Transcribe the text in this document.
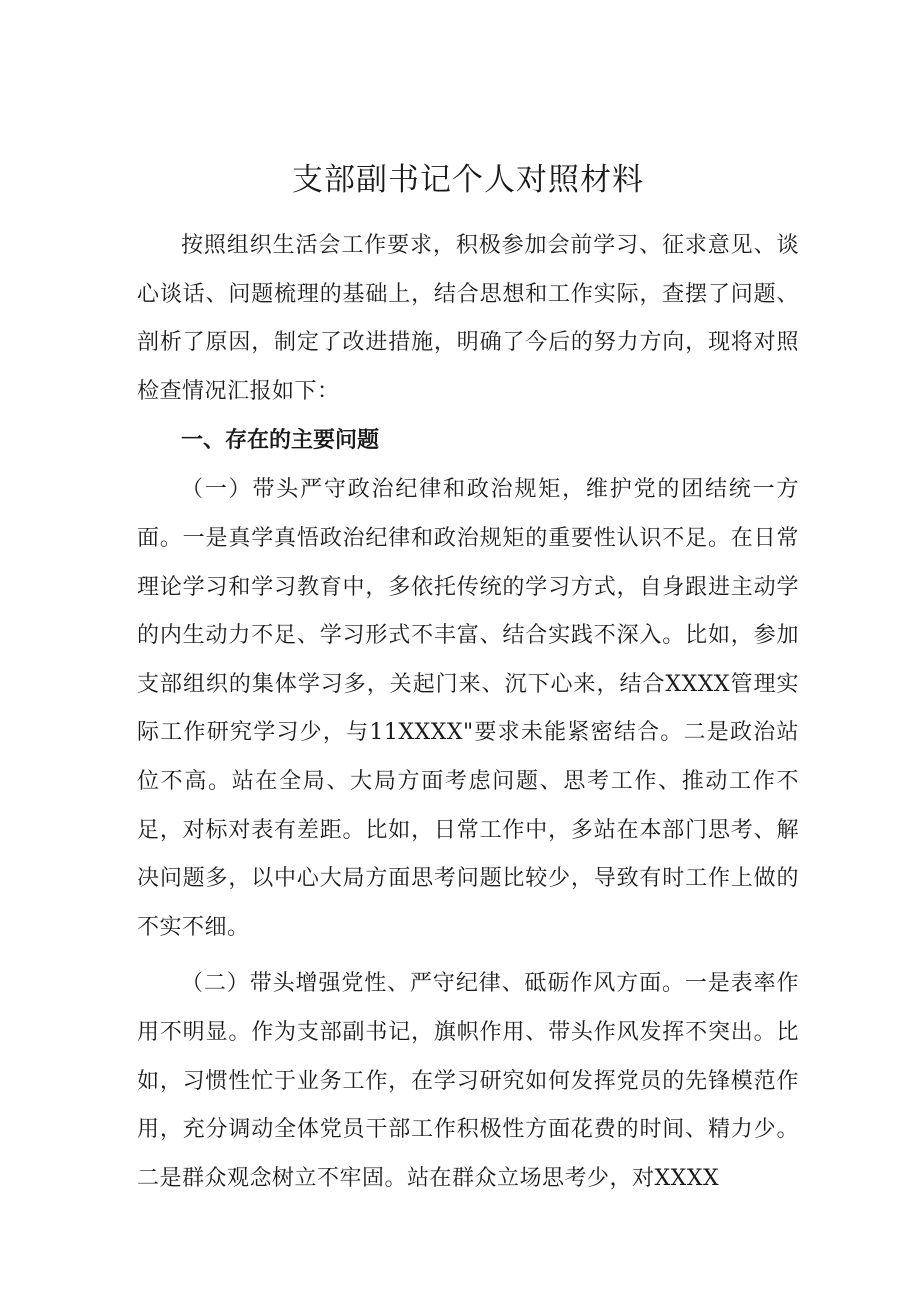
支部副书记个人对照材料

按照组织生活会工作要求，积极参加会前学习、征求意见、谈心谈话、问题梳理的基础上，结合思想和工作实际，查摆了问题、剖析了原因，制定了改进措施，明确了今后的努力方向，现将对照检查情况汇报如下：

一、存在的主要问题

（一）带头严守政治纪律和政治规矩，维护党的团结统一方面。一是真学真悟政治纪律和政治规矩的重要性认识不足。在日常理论学习和学习教育中，多依托传统的学习方式，自身跟进主动学的内生动力不足、学习形式不丰富、结合实践不深入。比如，参加支部组织的集体学习多，关起门来、沉下心来，结合XXXX管理实际工作研究学习少，与11XXXX"要求未能紧密结合。二是政治站位不高。站在全局、大局方面考虑问题、思考工作、推动工作不足，对标对表有差距。比如，日常工作中，多站在本部门思考、解决问题多，以中心大局方面思考问题比较少，导致有时工作上做的不实不细。

（二）带头增强党性、严守纪律、砥砺作风方面。一是表率作用不明显。作为支部副书记，旗帜作用、带头作风发挥不突出。比如，习惯性忙于业务工作，在学习研究如何发挥党员的先锋模范作用，充分调动全体党员干部工作积极性方面花费的时间、精力少。二是群众观念树立不牢固。站在群众立场思考少，对XXXX
